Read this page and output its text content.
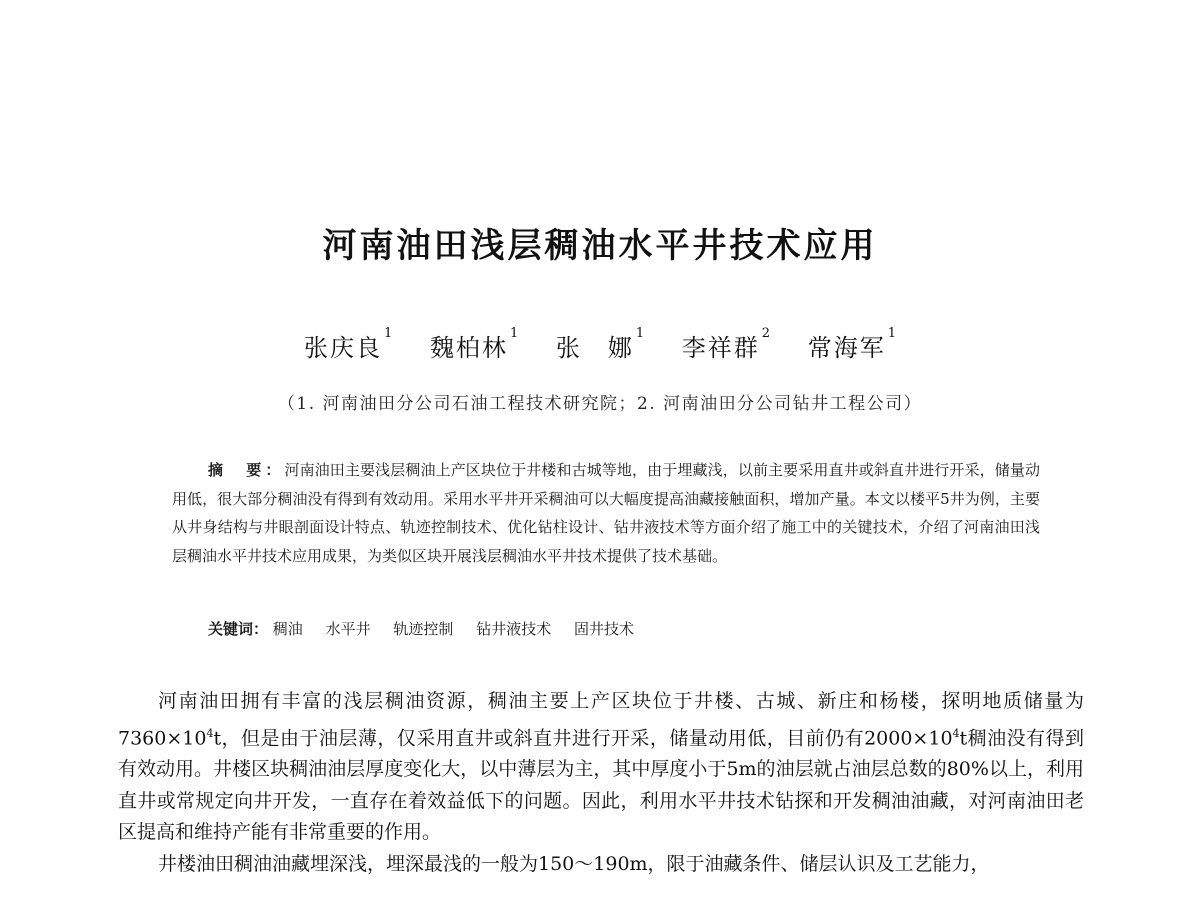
河南油田浅层稠油水平井技术应用
张庆良$^1$ 魏柏林$^1$ 张　娜$^1$ 李祥群$^2$ 常海军$^1$
（1. 河南油田分公司石油工程技术研究院；2. 河南油田分公司钻井工程公司）
摘　要：河南油田主要浅层稠油上产区块位于井楼和古城等地，由于埋藏浅，以前主要采用直井或斜直井进行开采，储量动用低，很大部分稠油没有得到有效动用。采用水平井开采稠油可以大幅度提高油藏接触面积，增加产量。本文以楼平5井为例，主要从井身结构与井眼剖面设计特点、轨迹控制技术、优化钻柱设计、钻井液技术等方面介绍了施工中的关键技术，介绍了河南油田浅层稠油水平井技术应用成果，为类似区块开展浅层稠油水平井技术提供了技术基础。
关键词： 稠油 水平井 轨迹控制 钻井液技术 固井技术

河南油田拥有丰富的浅层稠油资源，稠油主要上产区块位于井楼、古城、新庄和杨楼，探明地质储量为$7360\times 10^4t$，但是由于油层薄，仅采用直井或斜直井进行开采，储量动用低，目前仍有$2000\times 10^4t$稠油没有得到有效动用。井楼区块稠油油层厚度变化大，以中薄层为主，其中厚度小于5m的油层就占油层总数的80%以上，利用直井或常规定向井开发，一直存在着效益低下的问题。因此，利用水平井技术钻探和开发稠油油藏，对河南油田老区提高和维持产能有非常重要的作用。

井楼油田稠油油藏埋深浅，埋深最浅的一般为150～190m，限于油藏条件、储层认识及工艺能力，
